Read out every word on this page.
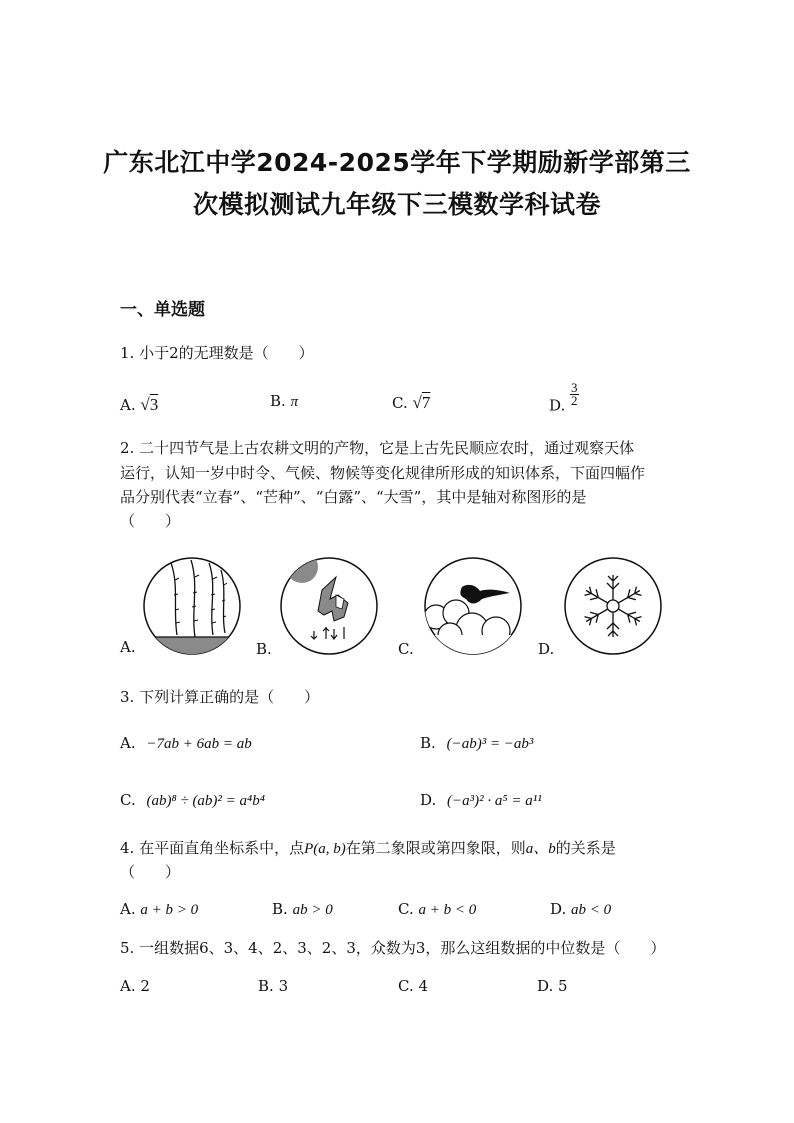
广东北江中学2024-2025学年下学期励新学部第三
次模拟测试九年级下三模数学科试卷
一、单选题
1. 小于2的无理数是（　　）
A. √3	B. π	C. √7	D. $\frac{3}{2}$
2. 二十四节气是上古农耕文明的产物，它是上古先民顺应农时，通过观察天体
运行，认知一岁中时令、气候、物候等变化规律所形成的知识体系，下面四幅作
品分别代表“立春”、“芒种”、“白露”、“大雪”，其中是轴对称图形的是
（　　）
A.	B.	C.	D.
3. 下列计算正确的是（　　）
A. −7ab + 6ab = ab	B. (−ab)³ = −ab³
C. (ab)⁸ ÷ (ab)² = a⁴b⁴	D. (−a³)² · a⁵ = a¹¹
4. 在平面直角坐标系中，点P(a, b)在第二象限或第四象限，则a、b的关系是
（　　）
A. a + b > 0	B. ab > 0	C. a + b < 0	D. ab < 0
5. 一组数据6、3、4、2、3、2、3，众数为3，那么这组数据的中位数是（　　）
A. 2	B. 3	C. 4	D. 5
